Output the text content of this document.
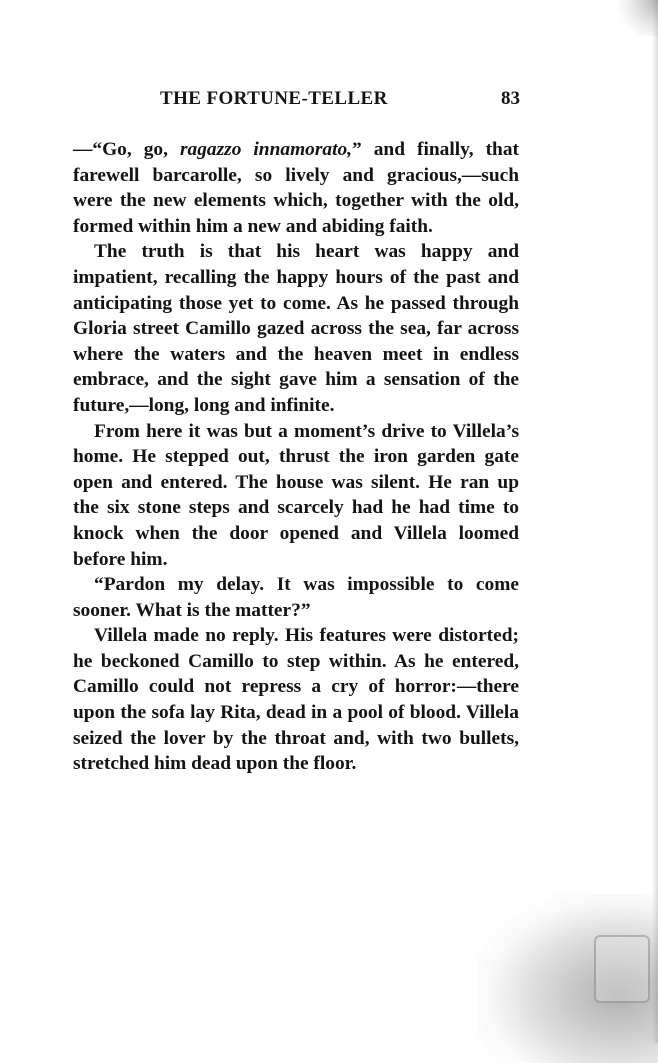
THE FORTUNE-TELLER	83

—“Go, go, ragazzo innamorato,” and finally, that farewell barcarolle, so lively and gracious,—such were the new elements which, together with the old, formed within him a new and abiding faith.

The truth is that his heart was happy and impatient, recalling the happy hours of the past and anticipating those yet to come. As he passed through Gloria street Camillo gazed across the sea, far across where the waters and the heaven meet in endless embrace, and the sight gave him a sensation of the future,—long, long and infinite.

From here it was but a moment’s drive to Villela’s home. He stepped out, thrust the iron garden gate open and entered. The house was silent. He ran up the six stone steps and scarcely had he had time to knock when the door opened and Villela loomed before him.

“Pardon my delay. It was impossible to come sooner. What is the matter?”

Villela made no reply. His features were distorted; he beckoned Camillo to step within. As he entered, Camillo could not repress a cry of horror:—there upon the sofa lay Rita, dead in a pool of blood. Villela seized the lover by the throat and, with two bullets, stretched him dead upon the floor.
